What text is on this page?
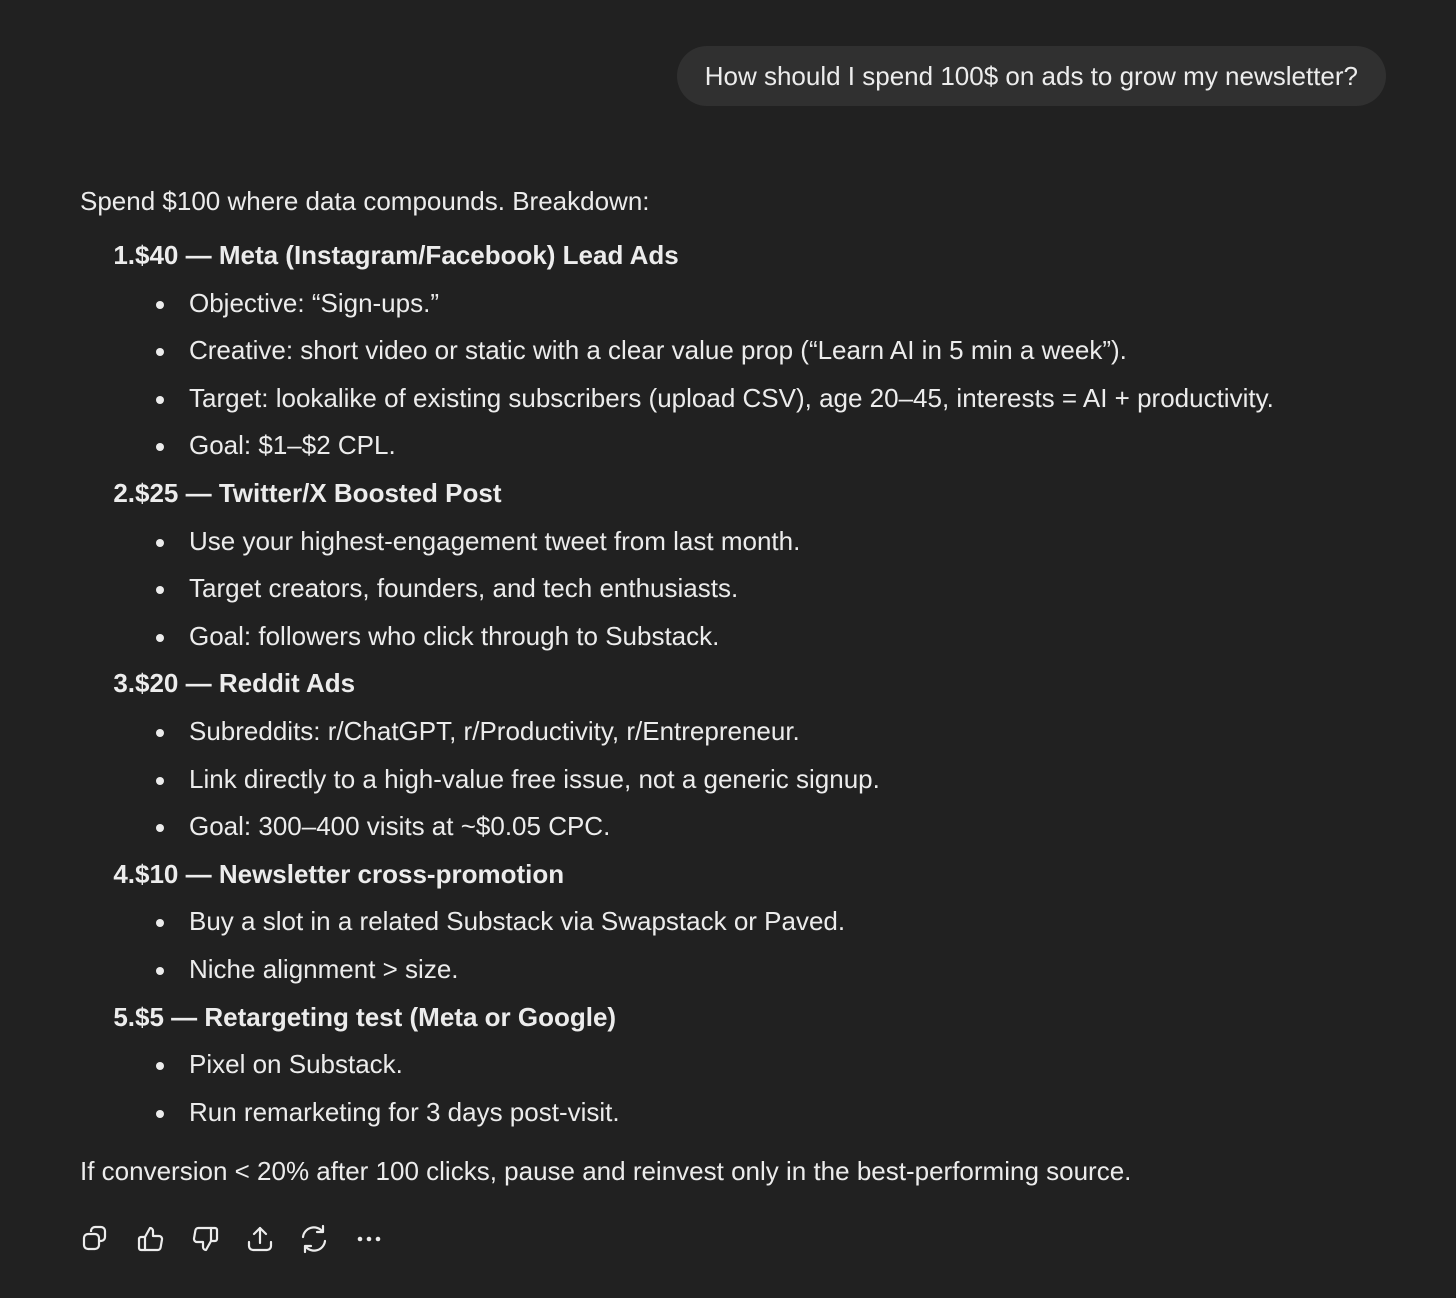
How should I spend 100$ on ads to grow my newsletter?

Spend $100 where data compounds. Breakdown:

1. $40 — Meta (Instagram/Facebook) Lead Ads
Objective: “Sign-ups.”
Creative: short video or static with a clear value prop (“Learn AI in 5 min a week”).
Target: lookalike of existing subscribers (upload CSV), age 20–45, interests = AI + productivity.
Goal: $1–$2 CPL.
2. $25 — Twitter/X Boosted Post
Use your highest-engagement tweet from last month.
Target creators, founders, and tech enthusiasts.
Goal: followers who click through to Substack.
3. $20 — Reddit Ads
Subreddits: r/ChatGPT, r/Productivity, r/Entrepreneur.
Link directly to a high-value free issue, not a generic signup.
Goal: 300–400 visits at ~$0.05 CPC.
4. $10 — Newsletter cross-promotion
Buy a slot in a related Substack via Swapstack or Paved.
Niche alignment > size.
5. $5 — Retargeting test (Meta or Google)
Pixel on Substack.
Run remarketing for 3 days post-visit.

If conversion < 20% after 100 clicks, pause and reinvest only in the best-performing source.
